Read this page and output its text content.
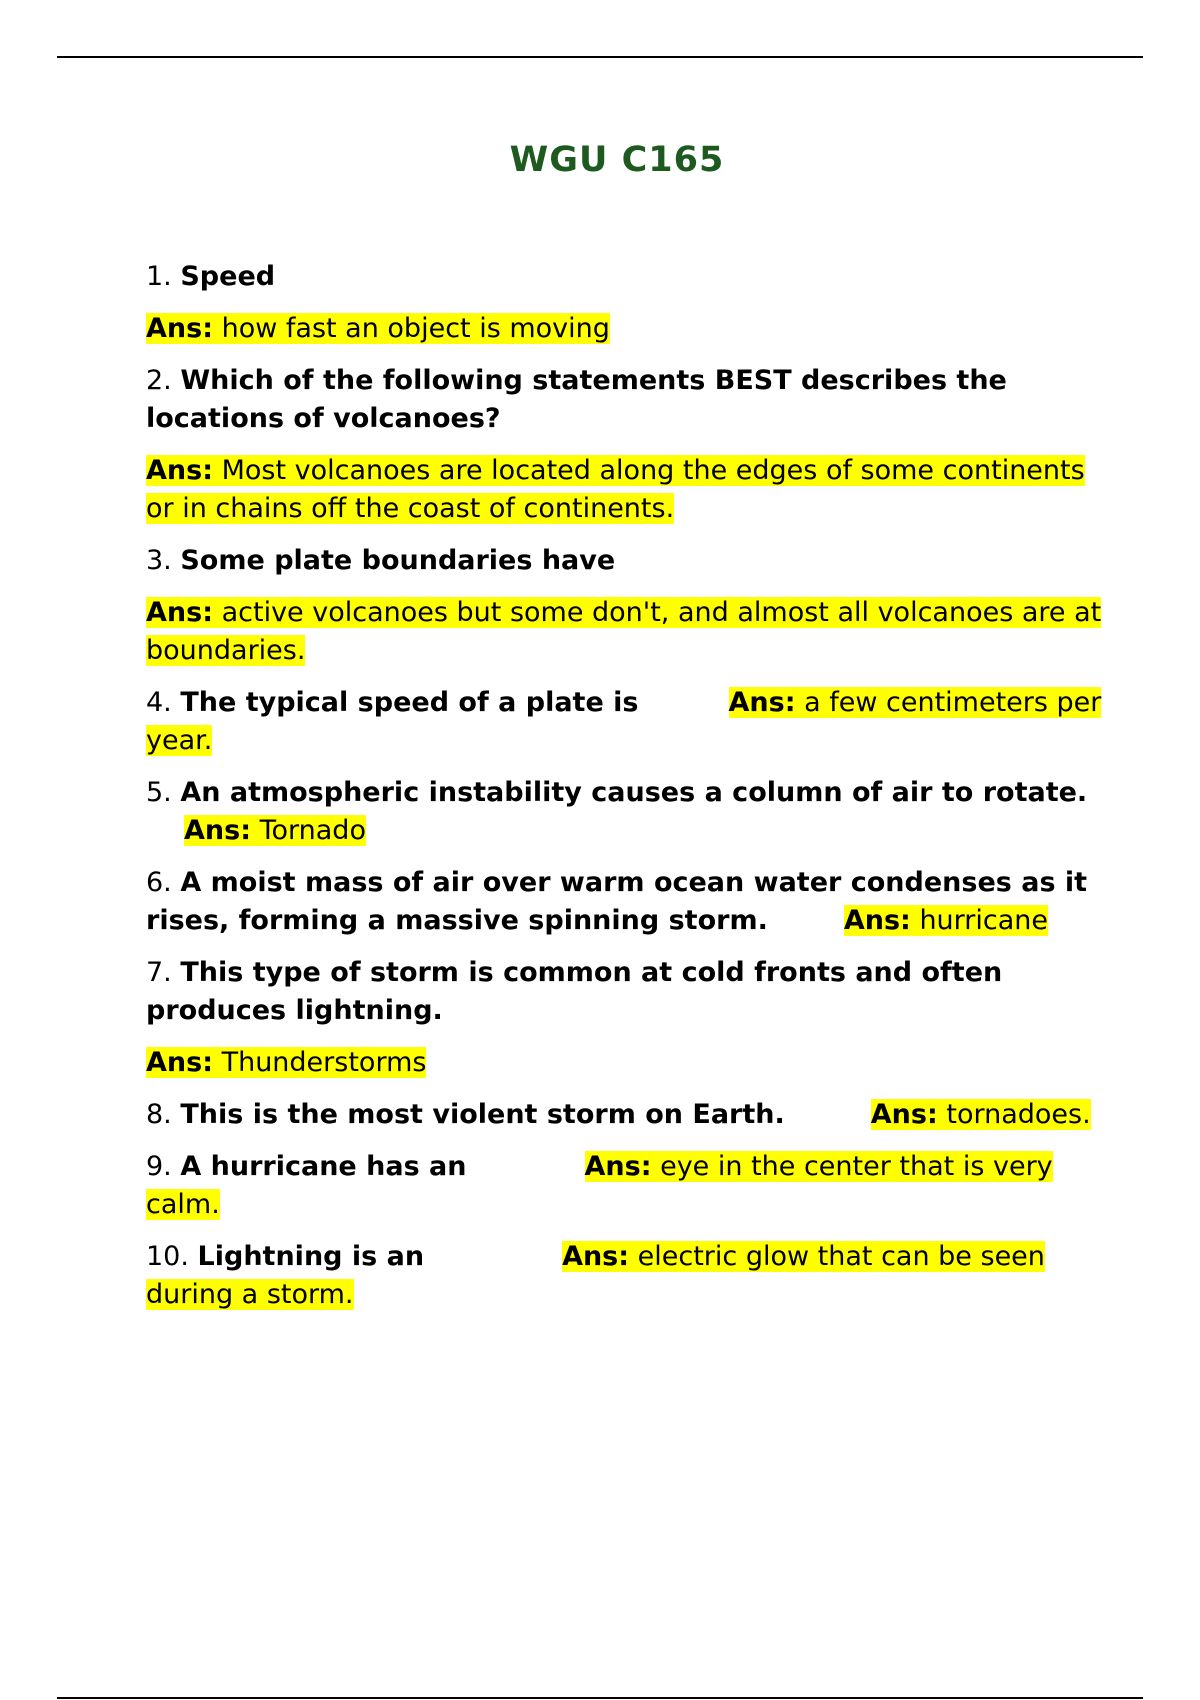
WGU C165

1. Speed

Ans: how fast an object is moving

2. Which of the following statements BEST describes the locations of volcanoes?

Ans: Most volcanoes are located along the edges of some continents or in chains off the coast of continents.

3. Some plate boundaries have

Ans: active volcanoes but some don't, and almost all volcanoes are at boundaries.

4. The typical speed of a plate is	Ans: a few centimeters per year.

5. An atmospheric instability causes a column of air to rotate.Ans: Tornado

6. A moist mass of air over warm ocean water condenses as it rises, forming a massive spinning storm.	Ans: hurricane

7. This type of storm is common at cold fronts and often produces lightning.

Ans: Thunderstorms

8. This is the most violent storm on Earth.	Ans: tornadoes.

9. A hurricane has an	Ans: eye in the center that is very calm.

10. Lightning is an	Ans: electric glow that can be seen during a storm.
